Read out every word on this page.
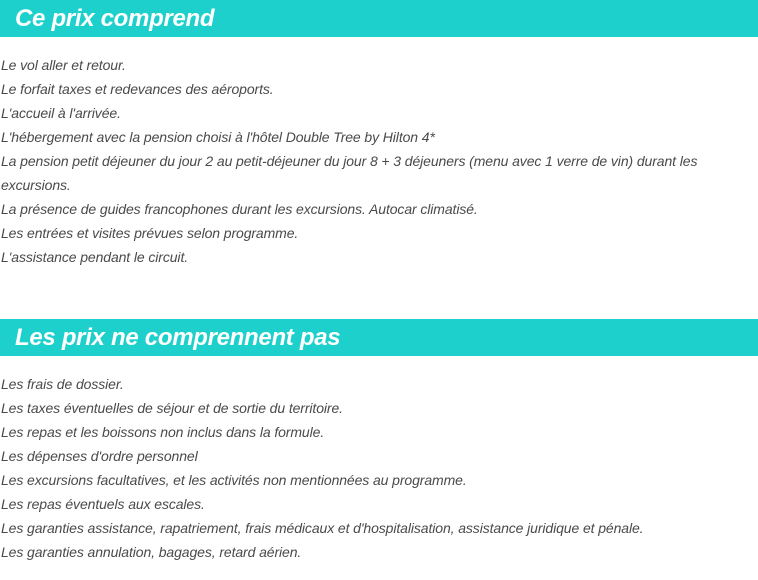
Ce prix comprend
Le vol aller et retour.
Le forfait taxes et redevances des aéroports.
L'accueil à l'arrivée.
L'hébergement avec la pension choisi à l'hôtel Double Tree by Hilton 4*
La pension petit déjeuner du jour 2 au petit-déjeuner du jour 8 + 3 déjeuners (menu avec 1 verre de vin) durant les excursions.
La présence de guides francophones durant les excursions. Autocar climatisé.
Les entrées et visites prévues selon programme.
L'assistance pendant le circuit.
Les prix ne comprennent pas
Les frais de dossier.
Les taxes éventuelles de séjour et de sortie du territoire.
Les repas et les boissons non inclus dans la formule.
Les dépenses d'ordre personnel
Les excursions facultatives, et les activités non mentionnées au programme.
Les repas éventuels aux escales.
Les garanties assistance, rapatriement, frais médicaux et d'hospitalisation, assistance juridique et pénale.
Les garanties annulation, bagages, retard aérien.
